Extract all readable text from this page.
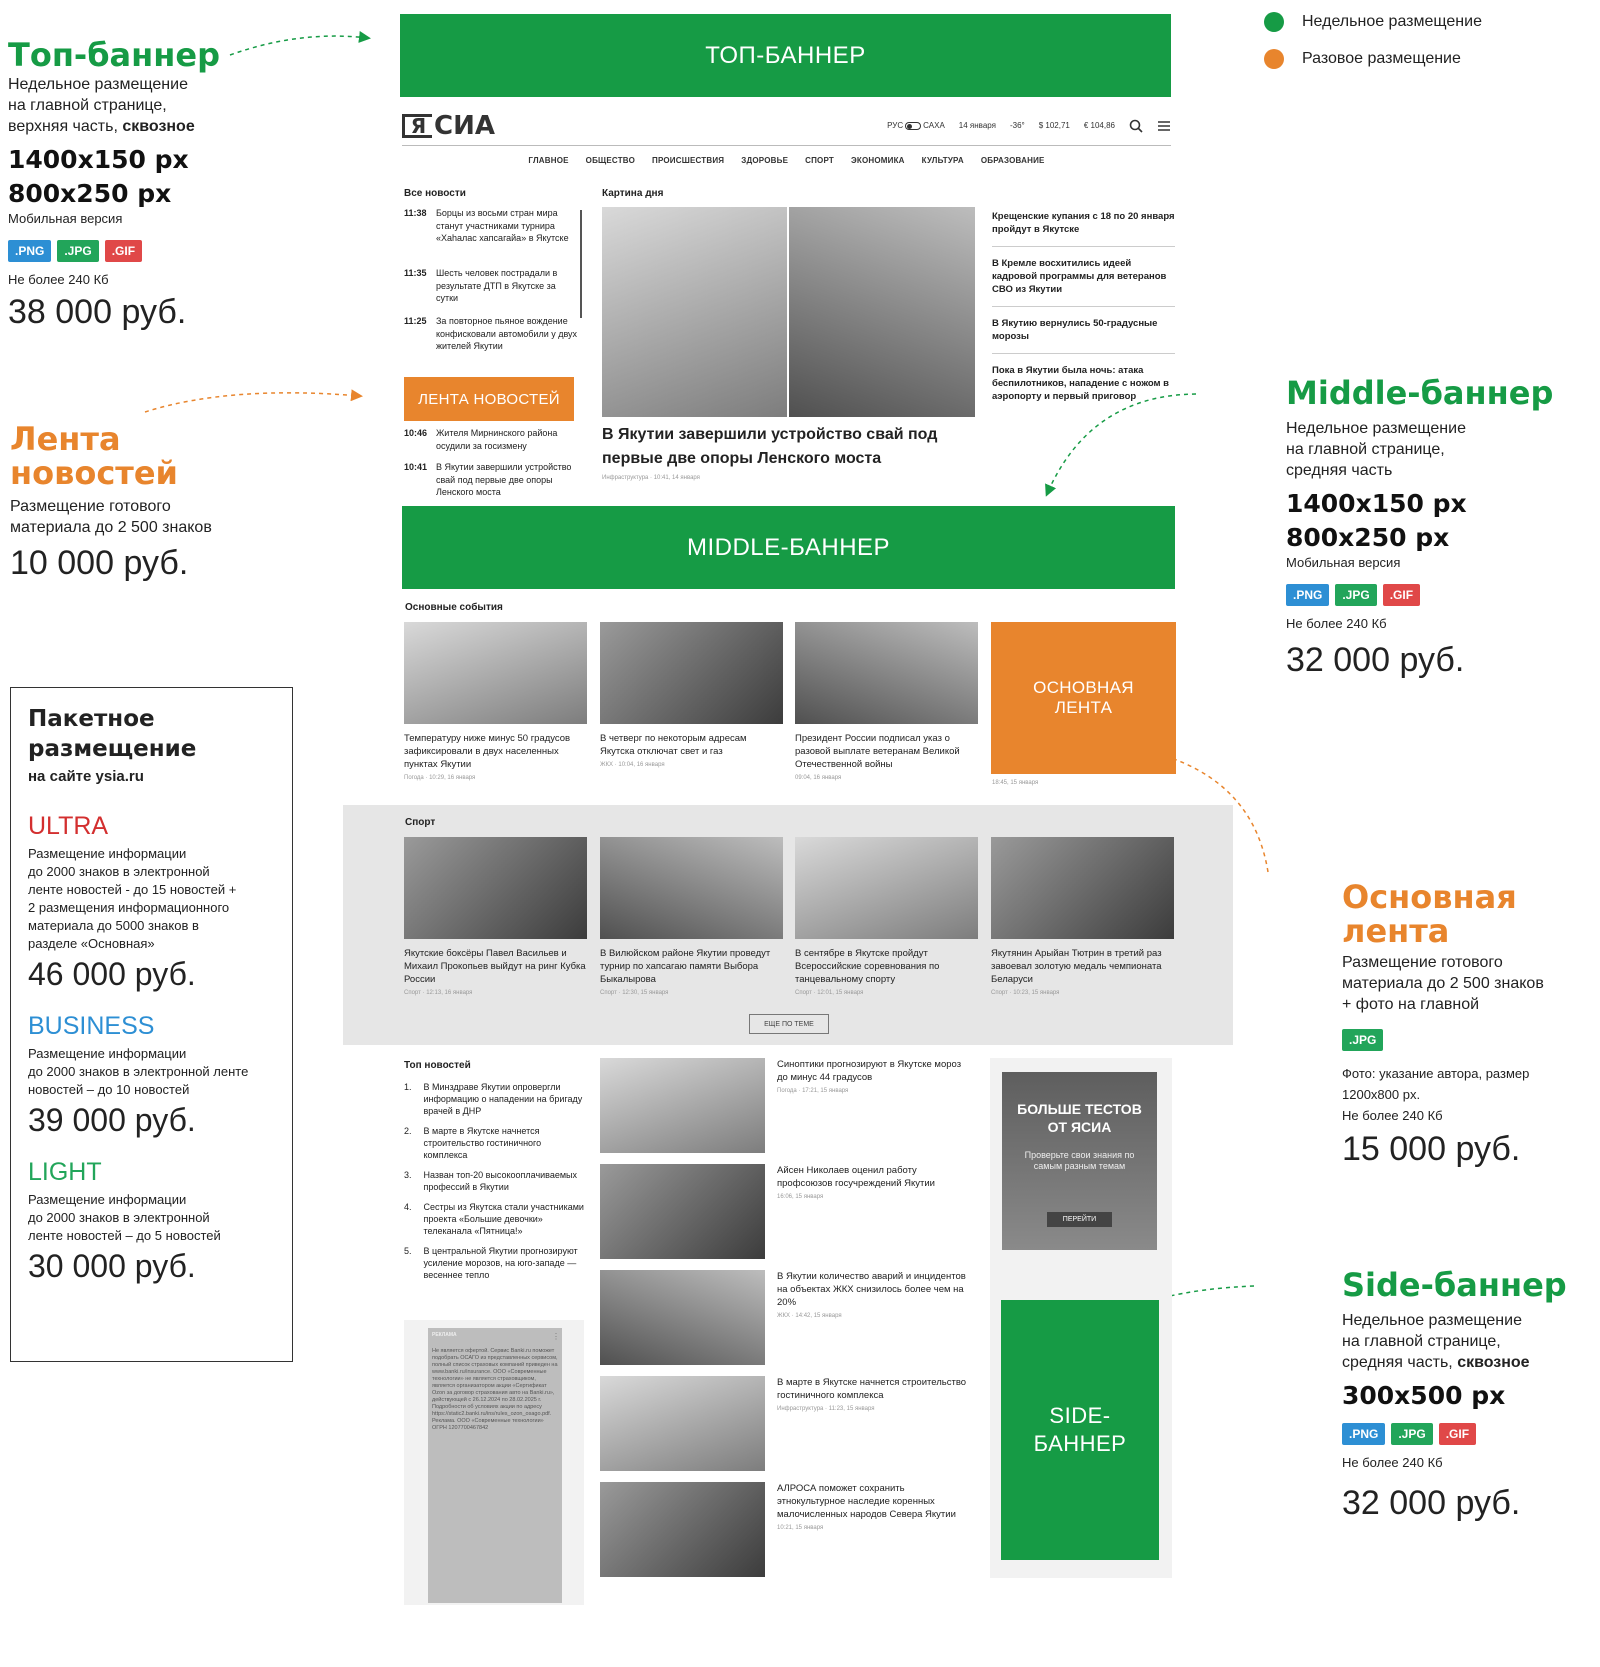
Недельное размещение
Разовое размещение
Топ-баннер
Недельное размещение
на главной странице,
верхняя часть, сквозное
1400x150 px
800x250 px
Мобильная версия
.PNG .JPG .GIF
Не более 240 Кб
38 000 руб.
Лента
новостей
Размещение готового
материала до 2 500 знаков
10 000 руб.
Пакетное
размещение
на сайте ysia.ru
ULTRA
Размещение информации
до 2000 знаков в электронной
ленте новостей - до 15 новостей +
2 размещения информационного
материала до 5000 знаков в
разделе «Основная»
46 000 руб.
BUSINESS
Размещение информации
до 2000 знаков в электронной ленте
новостей – до 10 новостей
39 000 руб.
LIGHT
Размещение информации
до 2000 знаков в электронной
ленте новостей – до 5 новостей
30 000 руб.
Middle-баннер
Недельное размещение
на главной странице,
средняя часть
1400x150 px
800x250 px
Мобильная версия
.PNG .JPG .GIF
Не более 240 Кб
32 000 руб.
Основная
лента
Размещение готового
материала до 2 500 знаков
+ фото на главной
.JPG
Фото: указание автора, размер
1200x800 px.
Не более 240 Кб
15 000 руб.
Side-баннер
Недельное размещение
на главной странице,
средняя часть, сквозное
300x500 px
.PNG .JPG .GIF
Не более 240 Кб
32 000 руб.
ТОП-БАННЕР
Я СИА	РУС	САХА 14 января -36° $ 102,71 € 104,86
ГЛАВНОЕ ОБЩЕСТВО ПРОИСШЕСТВИЯ ЗДОРОВЬЕ СПОРТ ЭКОНОМИКА КУЛЬТУРА ОБРАЗОВАНИЕ
Все новости
11:38 Борцы из восьми стран мира станут участниками турнира «Хаһалас хапсагайа» в Якутске
11:35 Шесть человек пострадали в результате ДТП в Якутске за сутки
11:25 За повторное пьяное вождение конфисковали автомобили у двух жителей Якутии
ЛЕНТА НОВОСТЕЙ
10:46 Жителя Мирнинского района осудили за госизмену
10:41 В Якутии завершили устройство свай под первые две опоры Ленского моста
Картина дня
В Якутии завершили устройство свай под первые две опоры Ленского моста
Инфраструктура · 10:41, 14 января
Крещенские купания с 18 по 20 января пройдут в Якутске
В Кремле восхитились идеей кадровой программы для ветеранов СВО из Якутии
В Якутию вернулись 50-градусные морозы
Пока в Якутии была ночь: атака беспилотников, нападение с ножом в аэропорту и первый приговор
MIDDLE-БАННЕР
Основные события
Температуру ниже минус 50 градусов зафиксировали в двух населенных пунктах Якутии
Погода · 10:29, 16 января
В четверг по некоторым адресам Якутска отключат свет и газ
ЖКХ · 10:04, 16 января
Президент России подписал указ о разовой выплате ветеранам Великой Отечественной войны
09:04, 16 января
ОСНОВНАЯ
ЛЕНТА
18:45, 15 января
Спорт
Якутские боксёры Павел Васильев и Михаил Прокопьев выйдут на ринг Кубка России
Спорт · 12:13, 16 января
В Вилюйском районе Якутии проведут турнир по хапсагаю памяти Выбора Быкалырова
Спорт · 12:30, 15 января
В сентябре в Якутске пройдут Всероссийские соревнования по танцевальному спорту
Спорт · 12:01, 15 января
Якутянин Арыйан Тютрин в третий раз завоевал золотую медаль чемпионата Беларуси
Спорт · 10:23, 15 января
ЕЩЕ ПО ТЕМЕ
Топ новостей
1. В Минздраве Якутии опровергли информацию о нападении на бригаду врачей в ДНР
2. В марте в Якутске начнется строительство гостиничного комплекса
3. Назван топ-20 высокооплачиваемых профессий в Якутии
4. Сестры из Якутска стали участниками проекта «Большие девочки» телеканала «Пятница!»
5. В центральной Якутии прогнозируют усиление морозов, на юго-западе — весеннее тепло
РЕКЛАМА
Не является офертой. Сервис Banki.ru поможет подобрать ОСАГО из представленных сервисом, полный список страховых компаний приведен на www.banki.ru/insurance. ООО «Современные технологии» не является страховщиком, является организатором акции «Сертификат Ozon за договор страхования авто на Banki.ru», действующей с 26.12.2024 по 28.02.2025 г. Подробности об условиях акции по адресу https://static2.banki.ru/ins/rules_ozon_osago.pdf. Реклама. ООО «Современные технологии» ОГРН 1207700467842
⋮
Синоптики прогнозируют в Якутске мороз до минус 44 градусов
Погода · 17:21, 15 января
Айсен Николаев оценил работу профсоюзов госучреждений Якутии
16:06, 15 января
В Якутии количество аварий и инцидентов на объектах ЖКХ снизилось более чем на 20%
ЖКХ · 14:42, 15 января
В марте в Якутске начнется строительство гостиничного комплекса
Инфраструктура · 11:23, 15 января
АЛРОСА поможет сохранить этнокультурное наследие коренных малочисленных народов Севера Якутии
10:21, 15 января
БОЛЬШЕ ТЕСТОВ ОТ ЯСИА
Проверьте свои знания по самым разным темам
ПЕРЕЙТИ
SIDE-
БАННЕР
